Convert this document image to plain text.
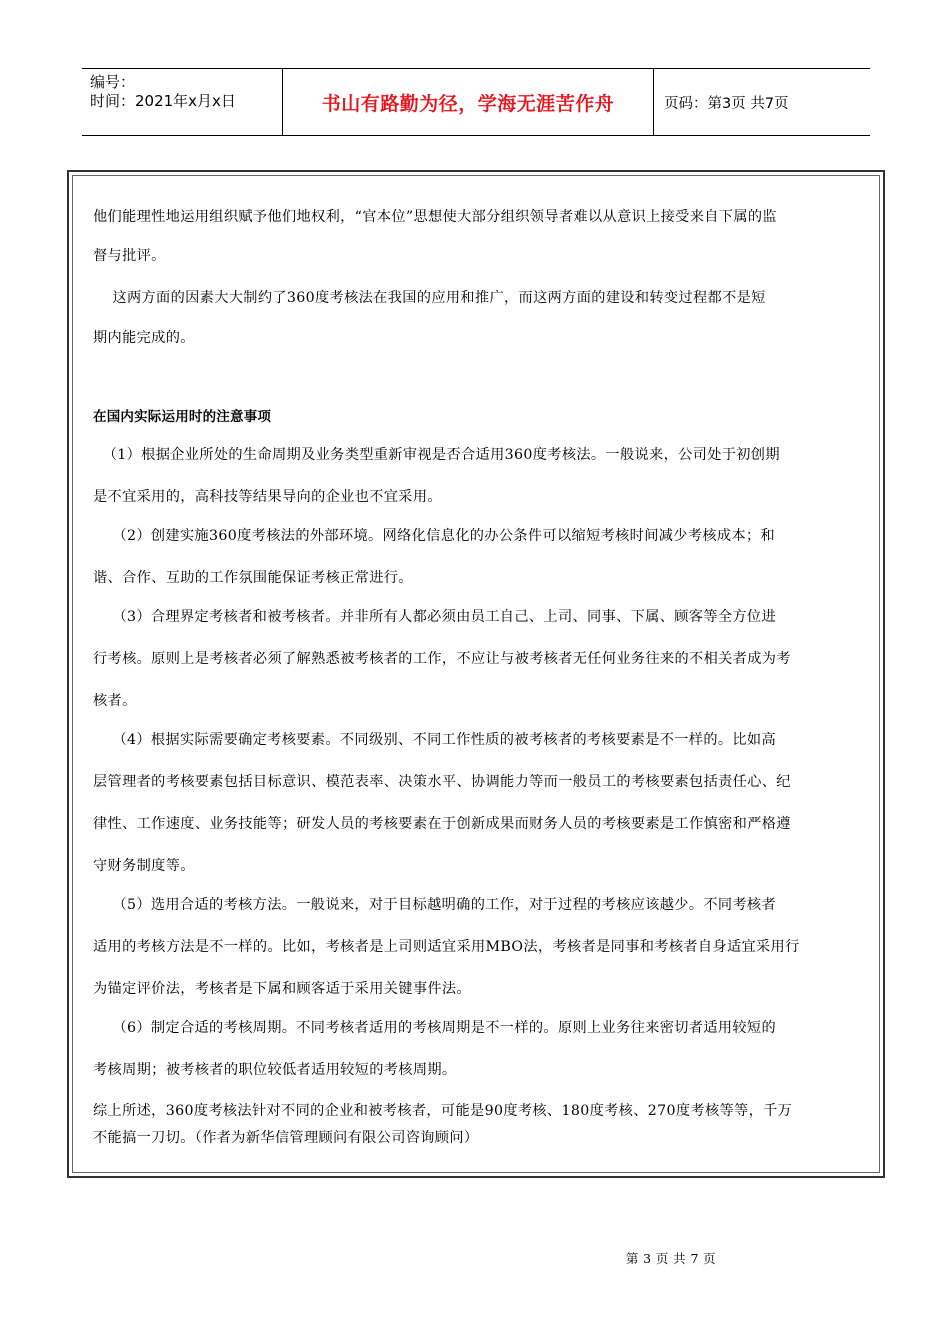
编号：
时间：2021年x月x日	书山有路勤为径，学海无涯苦作舟	页码：第3页 共7页
他们能理性地运用组织赋予他们地权利，“官本位”思想使大部分组织领导者难以从意识上接受来自下属的监
督与批评。
这两方面的因素大大制约了360度考核法在我国的应用和推广，而这两方面的建设和转变过程都不是短
期内能完成的。
在国内实际运用时的注意事项
（1）根据企业所处的生命周期及业务类型重新审视是否合适用360度考核法。一般说来，公司处于初创期
是不宜采用的，高科技等结果导向的企业也不宜采用。
（2）创建实施360度考核法的外部环境。网络化信息化的办公条件可以缩短考核时间减少考核成本；和
谐、合作、互助的工作氛围能保证考核正常进行。
（3）合理界定考核者和被考核者。并非所有人都必须由员工自己、上司、同事、下属、顾客等全方位进
行考核。原则上是考核者必须了解熟悉被考核者的工作，不应让与被考核者无任何业务往来的不相关者成为考
核者。
（4）根据实际需要确定考核要素。不同级别、不同工作性质的被考核者的考核要素是不一样的。比如高
层管理者的考核要素包括目标意识、模范表率、决策水平、协调能力等而一般员工的考核要素包括责任心、纪
律性、工作速度、业务技能等；研发人员的考核要素在于创新成果而财务人员的考核要素是工作慎密和严格遵
守财务制度等。
（5）选用合适的考核方法。一般说来，对于目标越明确的工作，对于过程的考核应该越少。不同考核者
适用的考核方法是不一样的。比如，考核者是上司则适宜采用MBO法，考核者是同事和考核者自身适宜采用行
为锚定评价法，考核者是下属和顾客适于采用关键事件法。
（6）制定合适的考核周期。不同考核者适用的考核周期是不一样的。原则上业务往来密切者适用较短的
考核周期；被考核者的职位较低者适用较短的考核周期。
综上所述，360度考核法针对不同的企业和被考核者，可能是90度考核、180度考核、270度考核等等，千万
不能搞一刀切。（作者为新华信管理顾问有限公司咨询顾问）
第 3 页 共 7 页
